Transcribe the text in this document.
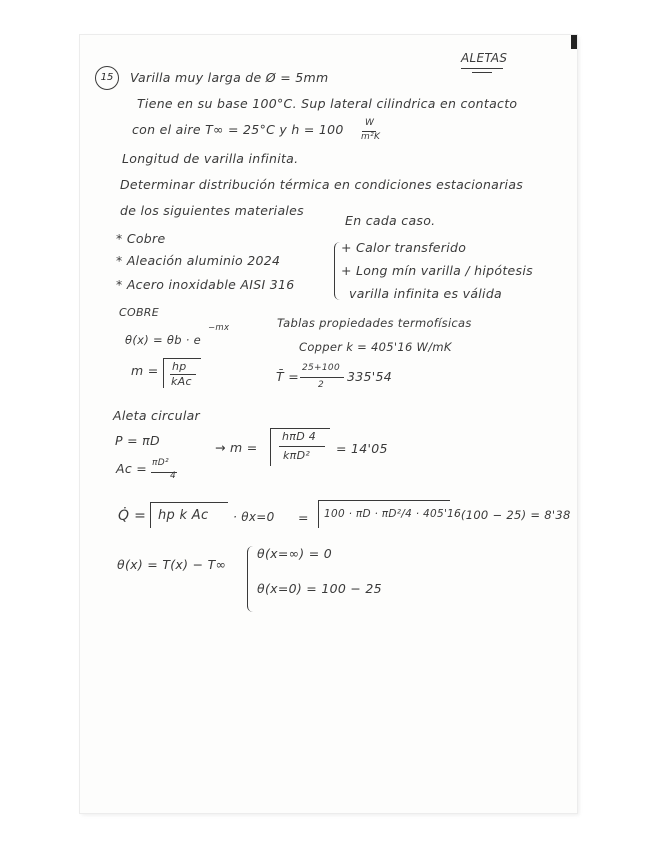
ALETAS
15	Varilla muy larga de Ø = 5mm
Tiene en su base 100°C. Sup lateral cilindrica en contacto
con el aire T∞ = 25°C y h = 100 W
m²K
Longitud de varilla infinita.
Determinar distribución térmica en condiciones estacionarias
de los siguientes materiales
En cada caso.
* Cobre
* Aleación aluminio 2024
* Acero inoxidable AISI 316
+ Calor transferido
+ Long mín varilla / hipótesis
varilla infinita es válida
COBRE
θ(x) = θb · e
−mx	Tablas propiedades termofísicas
Copper k = 405'16 W/mK
m = hp
kAc	T̄ =
25+100
2
335'54
Aleta circular
P = πD	→ m =
hπD 4
kπD² = 14'05
Ac = πD²
4
Q̇ = hp k Ac · θx=0 = 100 · πD · πD²/4 · 405'16
· (100 − 25) = 8'38
θ(x) = T(x) − T∞
θ(x=∞) = 0
θ(x=0) = 100 − 25
